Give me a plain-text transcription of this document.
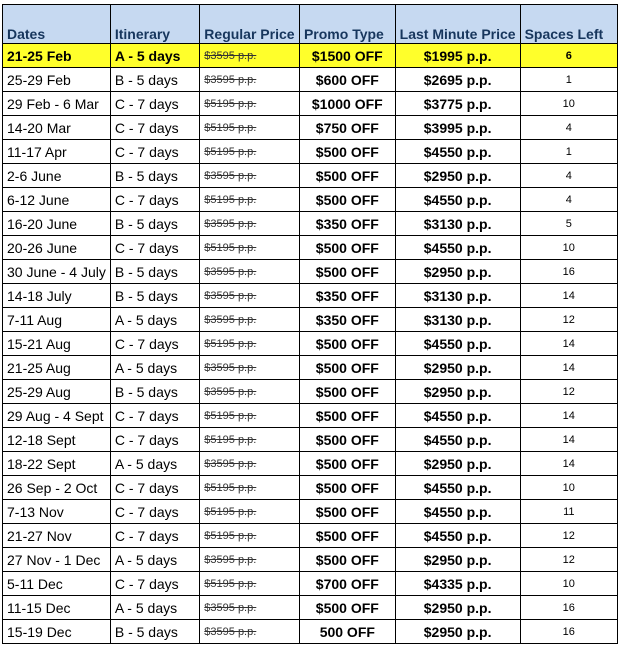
Dates	Itinerary	Regular Price	Promo Type	Last Minute Price	Spaces Left
21-25 Feb	A - 5 days	$3595 p.p.	$1500 OFF	$1995 p.p.	6
25-29 Feb	B - 5 days	$3595 p.p.	$600 OFF	$2695 p.p.	1
29 Feb - 6 Mar	C - 7 days	$5195 p.p.	$1000 OFF	$3775 p.p.	10
14-20 Mar	C - 7 days	$5195 p.p.	$750 OFF	$3995 p.p.	4
11-17 Apr	C - 7 days	$5195 p.p.	$500 OFF	$4550 p.p.	1
2-6 June	B - 5 days	$3595 p.p.	$500 OFF	$2950 p.p.	4
6-12 June	C - 7 days	$5195 p.p.	$500 OFF	$4550 p.p.	4
16-20 June	B - 5 days	$3595 p.p.	$350 OFF	$3130 p.p.	5
20-26 June	C - 7 days	$5195 p.p.	$500 OFF	$4550 p.p.	10
30 June - 4 July	B - 5 days	$3595 p.p.	$500 OFF	$2950 p.p.	16
14-18 July	B - 5 days	$3595 p.p.	$350 OFF	$3130 p.p.	14
7-11 Aug	A - 5 days	$3595 p.p.	$350 OFF	$3130 p.p.	12
15-21 Aug	C - 7 days	$5195 p.p.	$500 OFF	$4550 p.p.	14
21-25 Aug	A - 5 days	$3595 p.p.	$500 OFF	$2950 p.p.	14
25-29 Aug	B - 5 days	$3595 p.p.	$500 OFF	$2950 p.p.	12
29 Aug - 4 Sept	C - 7 days	$5195 p.p.	$500 OFF	$4550 p.p.	14
12-18 Sept	C - 7 days	$5195 p.p.	$500 OFF	$4550 p.p.	14
18-22 Sept	A - 5 days	$3595 p.p.	$500 OFF	$2950 p.p.	14
26 Sep - 2 Oct	C - 7 days	$5195 p.p.	$500 OFF	$4550 p.p.	10
7-13 Nov	C - 7 days	$5195 p.p.	$500 OFF	$4550 p.p.	11
21-27 Nov	C - 7 days	$5195 p.p.	$500 OFF	$4550 p.p.	12
27 Nov - 1 Dec	A - 5 days	$3595 p.p.	$500 OFF	$2950 p.p.	12
5-11 Dec	C - 7 days	$5195 p.p.	$700 OFF	$4335 p.p.	10
11-15 Dec	A - 5 days	$3595 p.p.	$500 OFF	$2950 p.p.	16
15-19 Dec	B - 5 days	$3595 p.p.	500 OFF	$2950 p.p.	16
